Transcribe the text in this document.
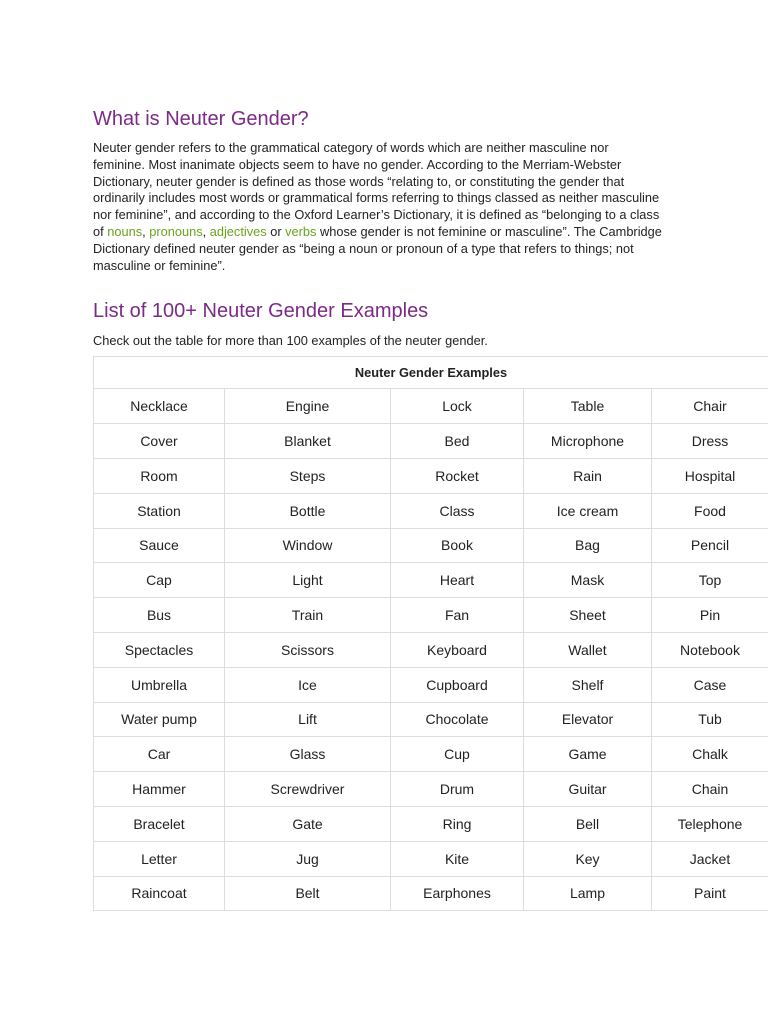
What is Neuter Gender?

Neuter gender refers to the grammatical category of words which are neither masculine nor feminine. Most inanimate objects seem to have no gender. According to the Merriam-Webster Dictionary, neuter gender is defined as those words “relating to, or constituting the gender that ordinarily includes most words or grammatical forms referring to things classed as neither masculine nor feminine”, and according to the Oxford Learner’s Dictionary, it is defined as “belonging to a class of nouns, pronouns, adjectives or verbs whose gender is not feminine or masculine”. The Cambridge Dictionary defined neuter gender as “being a noun or pronoun of a type that refers to things; not masculine or feminine”.

List of 100+ Neuter Gender Examples

Check out the table for more than 100 examples of the neuter gender.

Neuter Gender Examples				
Necklace	Engine	Lock	Table	Chair
Cover	Blanket	Bed	Microphone	Dress
Room	Steps	Rocket	Rain	Hospital
Station	Bottle	Class	Ice cream	Food
Sauce	Window	Book	Bag	Pencil
Cap	Light	Heart	Mask	Top
Bus	Train	Fan	Sheet	Pin
Spectacles	Scissors	Keyboard	Wallet	Notebook
Umbrella	Ice	Cupboard	Shelf	Case
Water pump	Lift	Chocolate	Elevator	Tub
Car	Glass	Cup	Game	Chalk
Hammer	Screwdriver	Drum	Guitar	Chain
Bracelet	Gate	Ring	Bell	Telephone
Letter	Jug	Kite	Key	Jacket
Raincoat	Belt	Earphones	Lamp	Paint
